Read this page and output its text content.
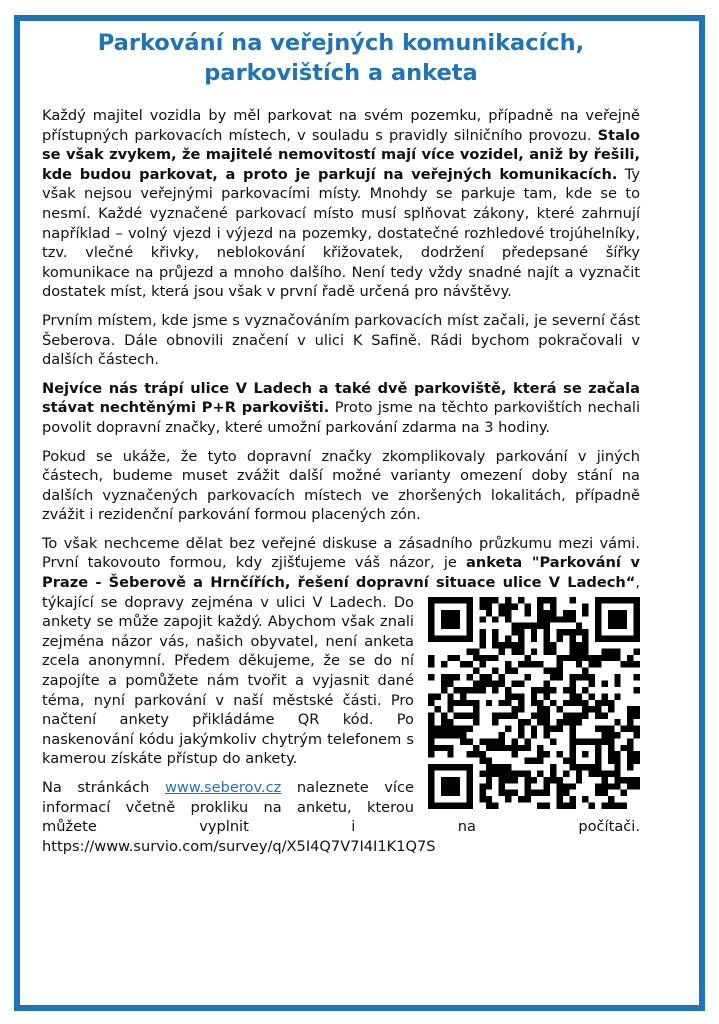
Parkování na veřejných komunikacích,
parkovištích a anketa

Každý majitel vozidla by měl parkovat na svém pozemku, případně na veřejně přístupných parkovacích místech, v souladu s pravidly silničního provozu. Stalo se však zvykem, že majitelé nemovitostí mají více vozidel, aniž by řešili, kde budou parkovat, a proto je parkují na veřejných komunikacích. Ty však nejsou veřejnými parkovacími místy. Mnohdy se parkuje tam, kde se to nesmí. Každé vyznačené parkovací místo musí splňovat zákony, které zahrnují například – volný vjezd i výjezd na pozemky, dostatečné rozhledové trojúhelníky, tzv. vlečné křivky, neblokování křižovatek, dodržení předepsané šířky komunikace na průjezd a mnoho dalšího. Není tedy vždy snadné najít a vyznačit dostatek míst, která jsou však v první řadě určená pro návštěvy.

Prvním místem, kde jsme s vyznačováním parkovacích míst začali, je severní část Šeberova. Dále obnovili značení v ulici K Safině. Rádi bychom pokračovali v dalších částech.

Nejvíce nás trápí ulice V Ladech a také dvě parkoviště, která se začala stávat nechtěnými P+R parkovišti. Proto jsme na těchto parkovištích nechali povolit dopravní značky, které umožní parkování zdarma na 3 hodiny.

Pokud se ukáže, že tyto dopravní značky zkomplikovaly parkování v jiných částech, budeme muset zvážit další možné varianty omezení doby stání na dalších vyznačených parkovacích místech ve zhoršených lokalitách, případně zvážit i rezidenční parkování formou placených zón.

To však nechceme dělat bez veřejné diskuse a zásadního průzkumu mezi vámi. První takovouto formou, kdy zjišťujeme váš názor, je anketa "Parkování v Praze - Šeberově a Hrnčířích, řešení dopravní situace ulice V Ladech“
, týkající se dopravy zejména v ulici V Ladech. Do ankety se může zapojit každý. Abychom však znali zejména názor vás, našich obyvatel, není anketa zcela anonymní. Předem děkujeme, že se do ní zapojíte a pomůžete nám tvořit a vyjasnit dané téma, nyní parkování v naší městské části. Pro načtení ankety přikládáme QR kód. Po naskenování kódu jakýmkoliv chytrým telefonem s kamerou získáte přístup do ankety.

Na stránkách www.seberov.cz naleznete více informací včetně prokliku na anketu, kterou můžete vyplnit i na počítači. https://www.survio.com/survey/q/X5I4Q7V7I4I1K1Q7S
